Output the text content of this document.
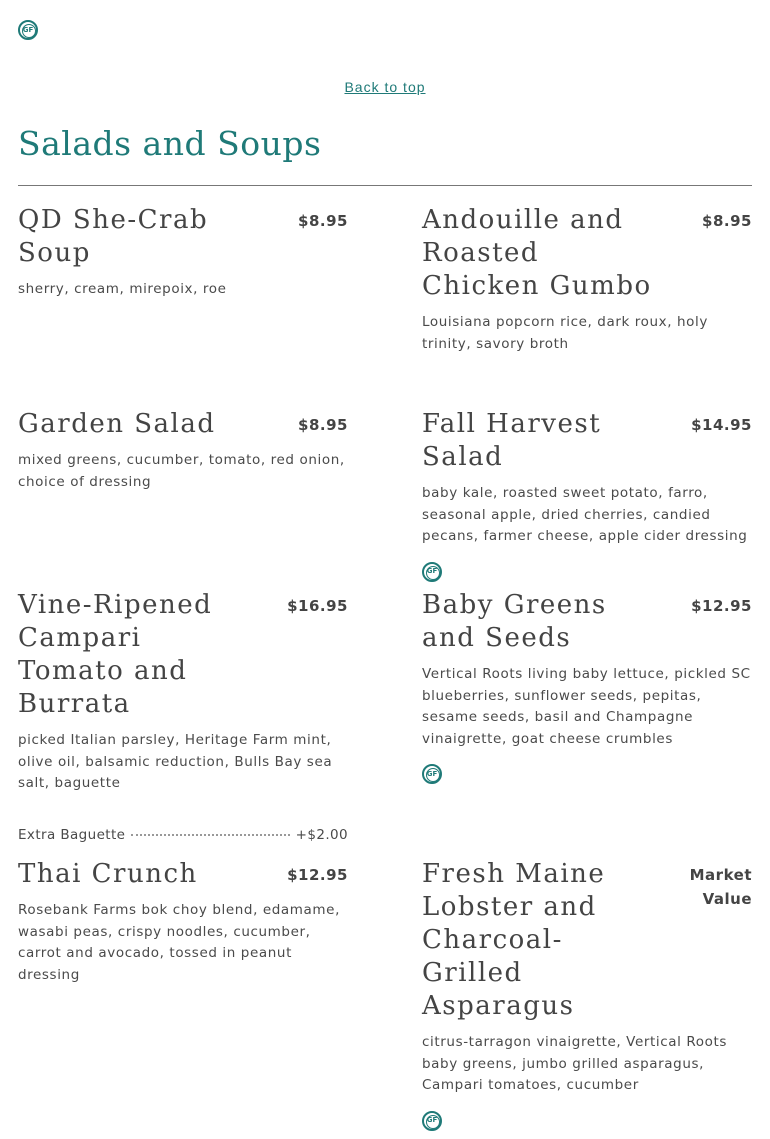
GF
Back to top
Salads and Soups
QD She-Crab Soup
$8.95
sherry, cream, mirepoix, roe
Andouille and Roasted Chicken Gumbo
$8.95
Louisiana popcorn rice, dark roux, holy trinity, savory broth
Garden Salad	$8.95
mixed greens, cucumber, tomato, red onion, choice of dressing
Fall Harvest Salad
$14.95
baby kale, roasted sweet potato, farro, seasonal apple, dried cherries, candied pecans, farmer cheese, apple cider dressing
GF
Vine-Ripened Campari Tomato and Burrata
$16.95
picked Italian parsley, Heritage Farm mint, olive oil, balsamic reduction, Bulls Bay sea salt, baguette
Extra Baguette	+$2.00
Baby Greens and Seeds
$12.95
Vertical Roots living baby lettuce, pickled SC blueberries, sunflower seeds, pepitas, sesame seeds, basil and Champagne vinaigrette, goat cheese crumbles
GF
Thai Crunch	$12.95
Rosebank Farms bok choy blend, edamame, wasabi peas, crispy noodles, cucumber, carrot and avocado, tossed in peanut dressing
Fresh Maine Lobster and Charcoal-Grilled Asparagus
Market Value
citrus-tarragon vinaigrette, Vertical Roots baby greens, jumbo grilled asparagus, Campari tomatoes, cucumber
GF
